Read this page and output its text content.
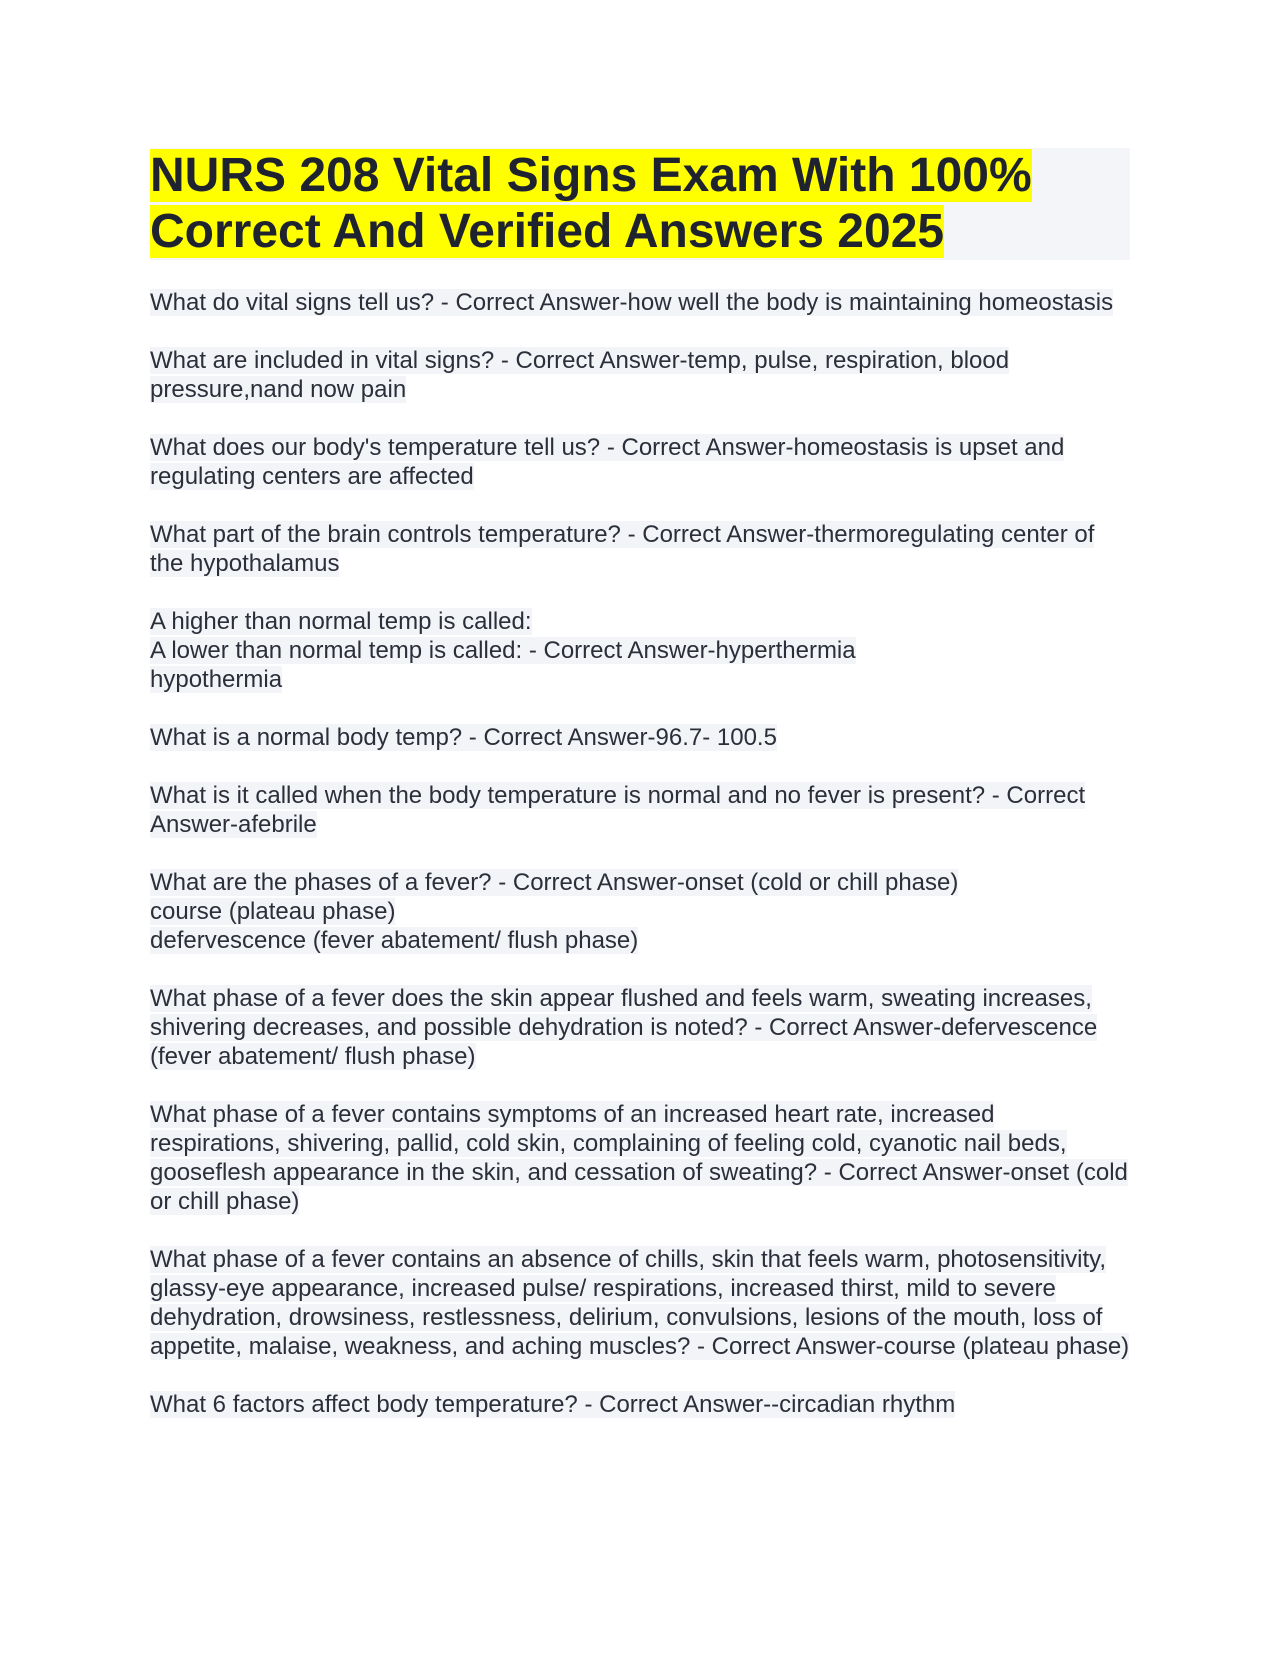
NURS 208 Vital Signs Exam With 100% Correct And Verified Answers 2025

What do vital signs tell us? - Correct Answer-how well the body is maintaining homeostasis

What are included in vital signs? - Correct Answer-temp, pulse, respiration, blood pressure,nand now pain

What does our body's temperature tell us? - Correct Answer-homeostasis is upset and regulating centers are affected

What part of the brain controls temperature? - Correct Answer-thermoregulating center of the hypothalamus

A higher than normal temp is called:
A lower than normal temp is called: - Correct Answer-hyperthermia
hypothermia

What is a normal body temp? - Correct Answer-96.7- 100.5

What is it called when the body temperature is normal and no fever is present? - Correct Answer-afebrile

What are the phases of a fever? - Correct Answer-onset (cold or chill phase)
course (plateau phase)
defervescence (fever abatement/ flush phase)

What phase of a fever does the skin appear flushed and feels warm, sweating increases, shivering decreases, and possible dehydration is noted? - Correct Answer-defervescence (fever abatement/ flush phase)

What phase of a fever contains symptoms of an increased heart rate, increased respirations, shivering, pallid, cold skin, complaining of feeling cold, cyanotic nail beds, gooseflesh appearance in the skin, and cessation of sweating? - Correct Answer-onset (cold or chill phase)

What phase of a fever contains an absence of chills, skin that feels warm, photosensitivity, glassy-eye appearance, increased pulse/ respirations, increased thirst, mild to severe dehydration, drowsiness, restlessness, delirium, convulsions, lesions of the mouth, loss of appetite, malaise, weakness, and aching muscles? - Correct Answer-course (plateau phase)

What 6 factors affect body temperature? - Correct Answer--circadian rhythm
